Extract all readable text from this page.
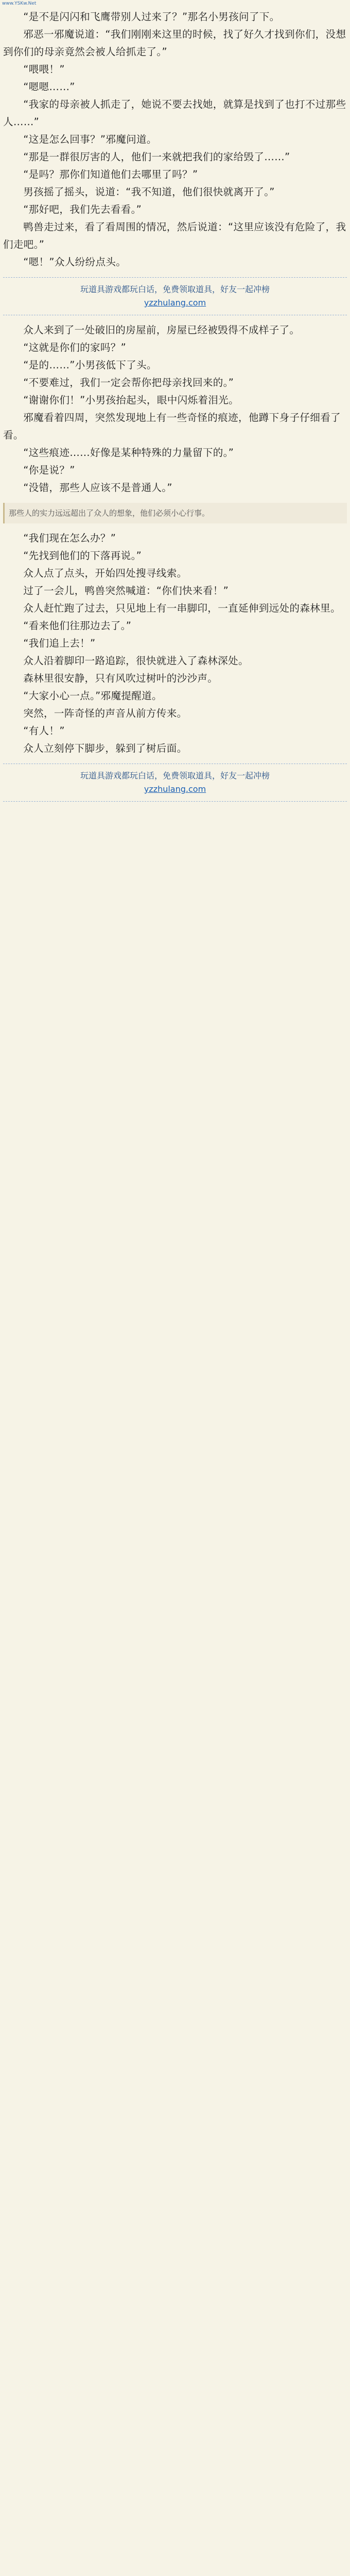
www.YSKw.Net

“是不是闪闪和飞鹰带别人过来了？”那名小男孩问了下。

邪恶一邪魔说道：“我们刚刚来这里的时候，找了好久才找到你们，没想到你们的母亲竟然会被人给抓走了。”

“喂喂！”

“嗯嗯……”

“我家的母亲被人抓走了，她说不要去找她，就算是找到了也打不过那些人……”

“这是怎么回事？”邪魔问道。

“那是一群很厉害的人，他们一来就把我们的家给毁了……”

“是吗？那你们知道他们去哪里了吗？”

男孩摇了摇头，说道：“我不知道，他们很快就离开了。”

“那好吧，我们先去看看。”

鸭兽走过来，看了看周围的情况，然后说道：“这里应该没有危险了，我们走吧。”

“嗯！”众人纷纷点头。

玩道具游戏都玩白话，免费领取道具，好友一起冲榜
yzzhulang.com

众人来到了一处破旧的房屋前，房屋已经被毁得不成样子了。

“这就是你们的家吗？”

“是的……”小男孩低下了头。

“不要难过，我们一定会帮你把母亲找回来的。”

“谢谢你们！”小男孩抬起头，眼中闪烁着泪光。

邪魔看着四周，突然发现地上有一些奇怪的痕迹，他蹲下身子仔细看了看。

“这些痕迹……好像是某种特殊的力量留下的。”

“你是说？”

“没错，那些人应该不是普通人。”

那些人的实力远远超出了众人的想象，他们必须小心行事。

“我们现在怎么办？”

“先找到他们的下落再说。”

众人点了点头，开始四处搜寻线索。

过了一会儿，鸭兽突然喊道：“你们快来看！”

众人赶忙跑了过去，只见地上有一串脚印，一直延伸到远处的森林里。

“看来他们往那边去了。”

“我们追上去！”

众人沿着脚印一路追踪，很快就进入了森林深处。

森林里很安静，只有风吹过树叶的沙沙声。

“大家小心一点。”邪魔提醒道。

突然，一阵奇怪的声音从前方传来。

“有人！”

众人立刻停下脚步，躲到了树后面。

玩道具游戏都玩白话，免费领取道具，好友一起冲榜
yzzhulang.com
